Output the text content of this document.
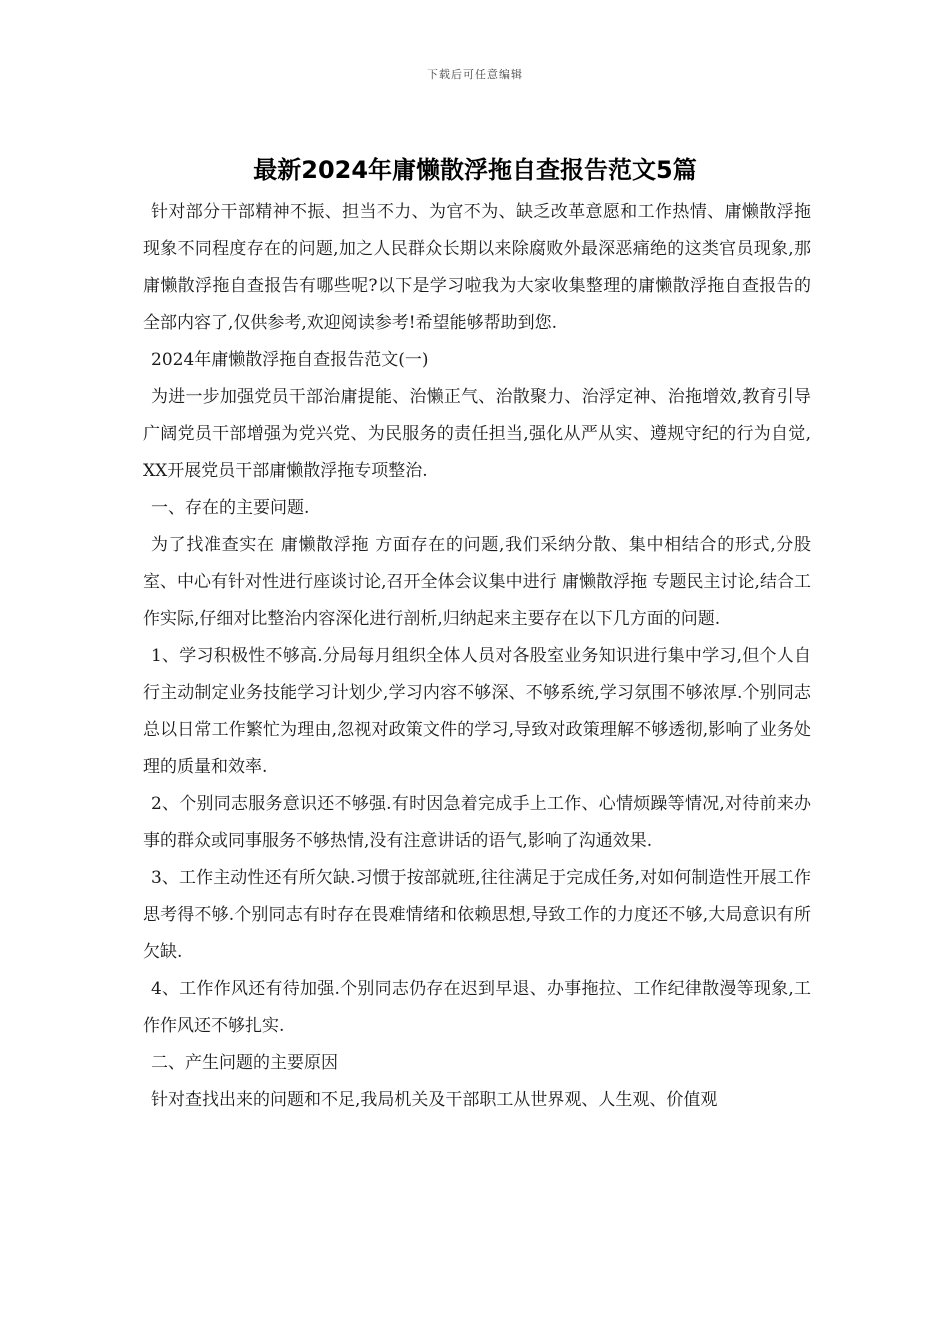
下载后可任意编辑
最新2024年庸懒散浮拖自查报告范文5篇

针对部分干部精神不振、担当不力、为官不为、缺乏改革意愿和工作热情、庸懒散浮拖现象不同程度存在的问题,加之人民群众长期以来除腐败外最深恶痛绝的这类官员现象,那庸懒散浮拖自查报告有哪些呢?以下是学习啦我为大家收集整理的庸懒散浮拖自查报告的全部内容了,仅供参考,欢迎阅读参考!希望能够帮助到您.

2024年庸懒散浮拖自查报告范文(一)

为进一步加强党员干部治庸提能、治懒正气、治散聚力、治浮定神、治拖增效,教育引导广阔党员干部增强为党兴党、为民服务的责任担当,强化从严从实、遵规守纪的行为自觉,XX开展党员干部庸懒散浮拖专项整治.

一、存在的主要问题.

为了找准查实在 庸懒散浮拖 方面存在的问题,我们采纳分散、集中相结合的形式,分股室、中心有针对性进行座谈讨论,召开全体会议集中进行 庸懒散浮拖 专题民主讨论,结合工作实际,仔细对比整治内容深化进行剖析,归纳起来主要存在以下几方面的问题.

1、学习积极性不够高.分局每月组织全体人员对各股室业务知识进行集中学习,但个人自行主动制定业务技能学习计划少,学习内容不够深、不够系统,学习氛围不够浓厚.个别同志总以日常工作繁忙为理由,忽视对政策文件的学习,导致对政策理解不够透彻,影响了业务处理的质量和效率.

2、个别同志服务意识还不够强.有时因急着完成手上工作、心情烦躁等情况,对待前来办事的群众或同事服务不够热情,没有注意讲话的语气,影响了沟通效果.

3、工作主动性还有所欠缺.习惯于按部就班,往往满足于完成任务,对如何制造性开展工作思考得不够.个别同志有时存在畏难情绪和依赖思想,导致工作的力度还不够,大局意识有所欠缺.

4、工作作风还有待加强.个别同志仍存在迟到早退、办事拖拉、工作纪律散漫等现象,工作作风还不够扎实.

二、产生问题的主要原因

针对查找出来的问题和不足,我局机关及干部职工从世界观、人生观、价值观
